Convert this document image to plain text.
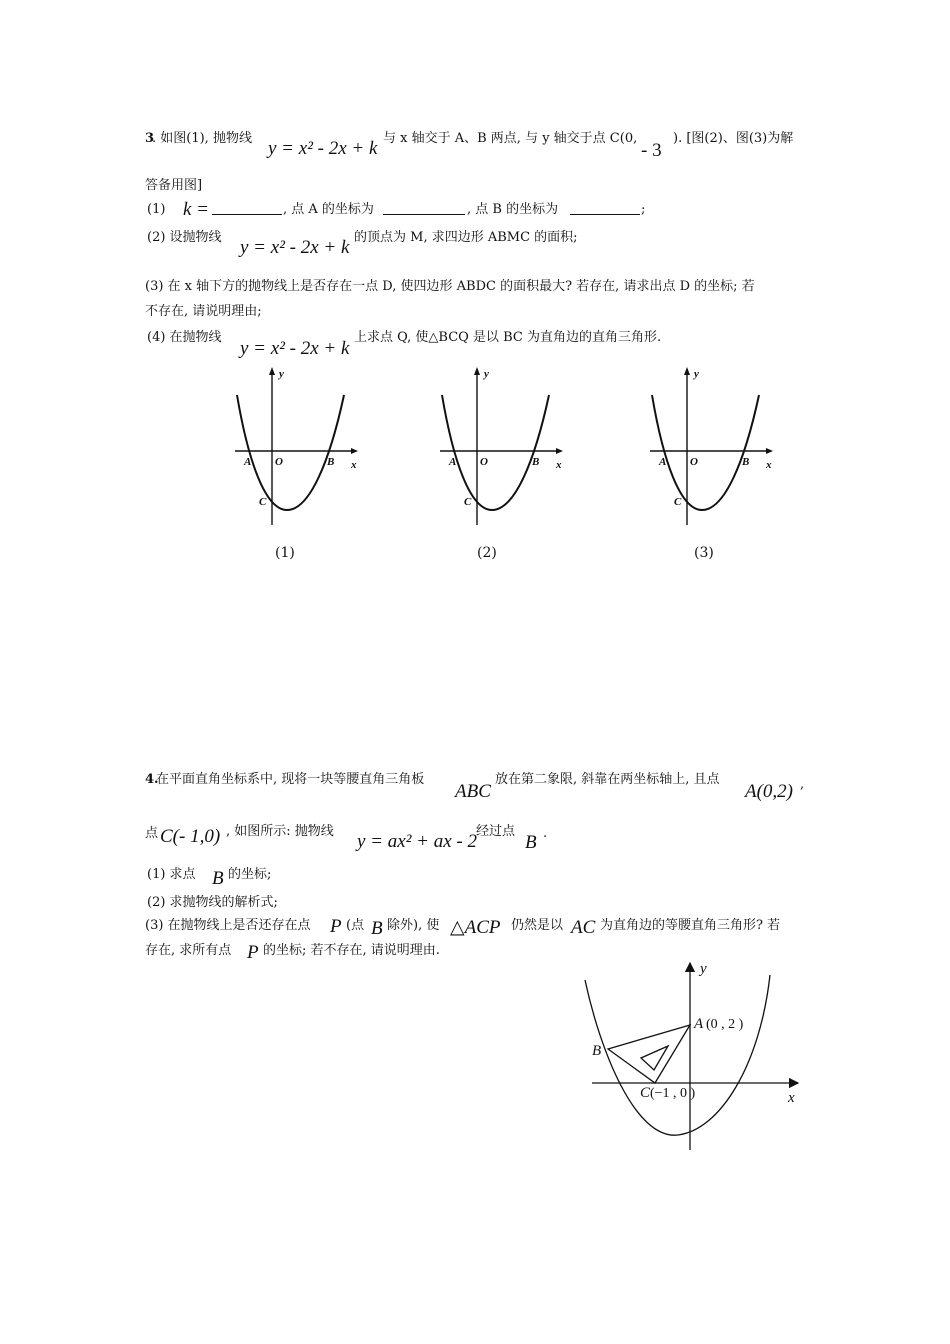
3
. 如图(1), 抛物线 y = x² - 2x + k 与 x 轴交于 A、B 两点, 与 y 轴交于点 C(0,
- 3
). [图(2)、图(3)为解
答备用图]
(1) k =	, 点 A 的坐标为	, 点 B 的坐标为	;
(2) 设抛物线 y = x² - 2x + k 的顶点为 M, 求四边形 ABMC 的面积;
(3) 在 x 轴下方的抛物线上是否存在一点 D, 使四边形 ABDC 的面积最大? 若存在, 请求出点 D 的坐标; 若
不存在, 请说明理由;
(4) 在抛物线
y = x² - 2x + k
上求点 Q, 使△BCQ 是以 BC 为直角边的直角三角形.
y
x
A O	B
C
y
x
A O	B
C
y
x
A O	B
C
(1)	(2)	(3)
4.
在平面直角坐标系中, 现将一块等腰直角三角板
ABC
放在第二象限, 斜靠在两坐标轴上, 且点
A(0,2) ,
点 C(- 1,0) , 如图所示: 抛物线 y = ax² + ax - 2 经过点
B .
(1) 求点 B 的坐标;
(2) 求抛物线的解析式;
(3) 在抛物线上是否还存在点 P (点 B 除外), 使 △ACP 仍然是以 AC 为直角边的等腰直角三角形? 若
存在, 求所有点 P 的坐标; 若不存在, 请说明理由.
y
x
A (0 , 2 )
B
C (−1 , 0 )
